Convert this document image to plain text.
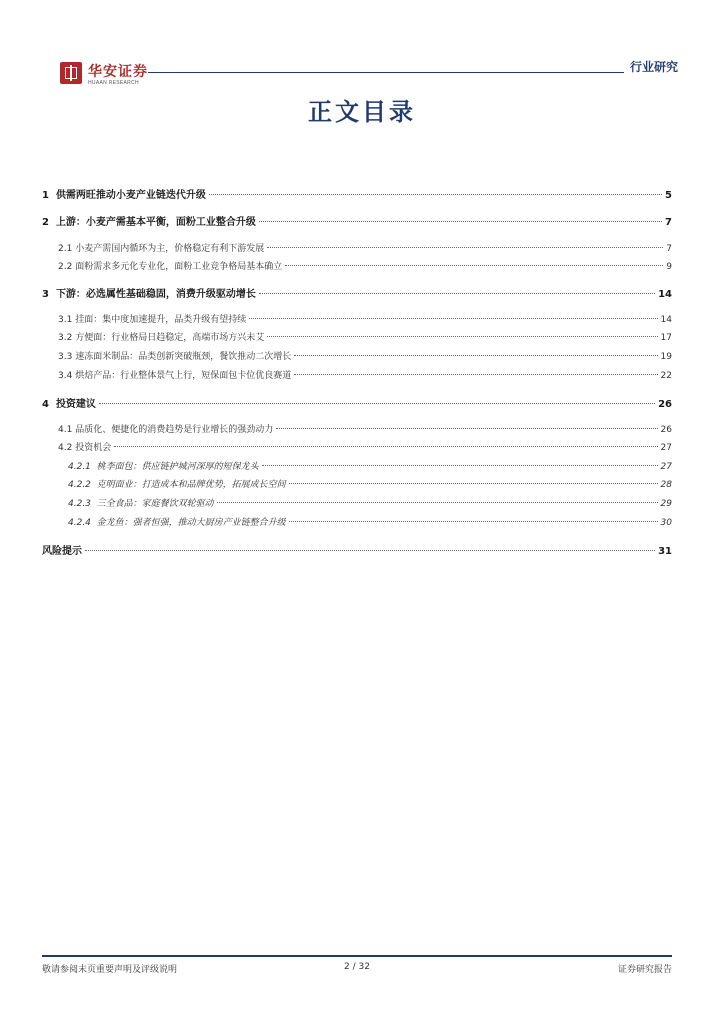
华安证券
HUAAN RESEARCH
行业研究
正文目录
1 供需两旺推动小麦产业链迭代升级	5
2 上游：小麦产需基本平衡，面粉工业整合升级	7
2.1 小麦产需国内循环为主，价格稳定有利下游发展	7
2.2 面粉需求多元化专业化，面粉工业竞争格局基本确立	9
3 下游：必选属性基础稳固，消费升级驱动增长	14
3.1 挂面：集中度加速提升，品类升级有望持续	14
3.2 方便面：行业格局日趋稳定，高端市场方兴未艾	17
3.3 速冻面米制品：品类创新突破瓶颈，餐饮推动二次增长	19
3.4 烘焙产品：行业整体景气上行，短保面包卡位优良赛道	22
4 投资建议	26
4.1 品质化、便捷化的消费趋势是行业增长的强劲动力	26
4.2 投资机会	27
4.2.1 桃李面包：供应链护城河深厚的短保龙头	27
4.2.2 克明面业：打造成本和品牌优势，拓展成长空间	28
4.2.3 三全食品：家庭餐饮双轮驱动	29
4.2.4 金龙鱼：强者恒强，推动大厨房产业链整合升级	30
风险提示	31
敬请参阅末页重要声明及评级说明	2 / 32	证券研究报告
